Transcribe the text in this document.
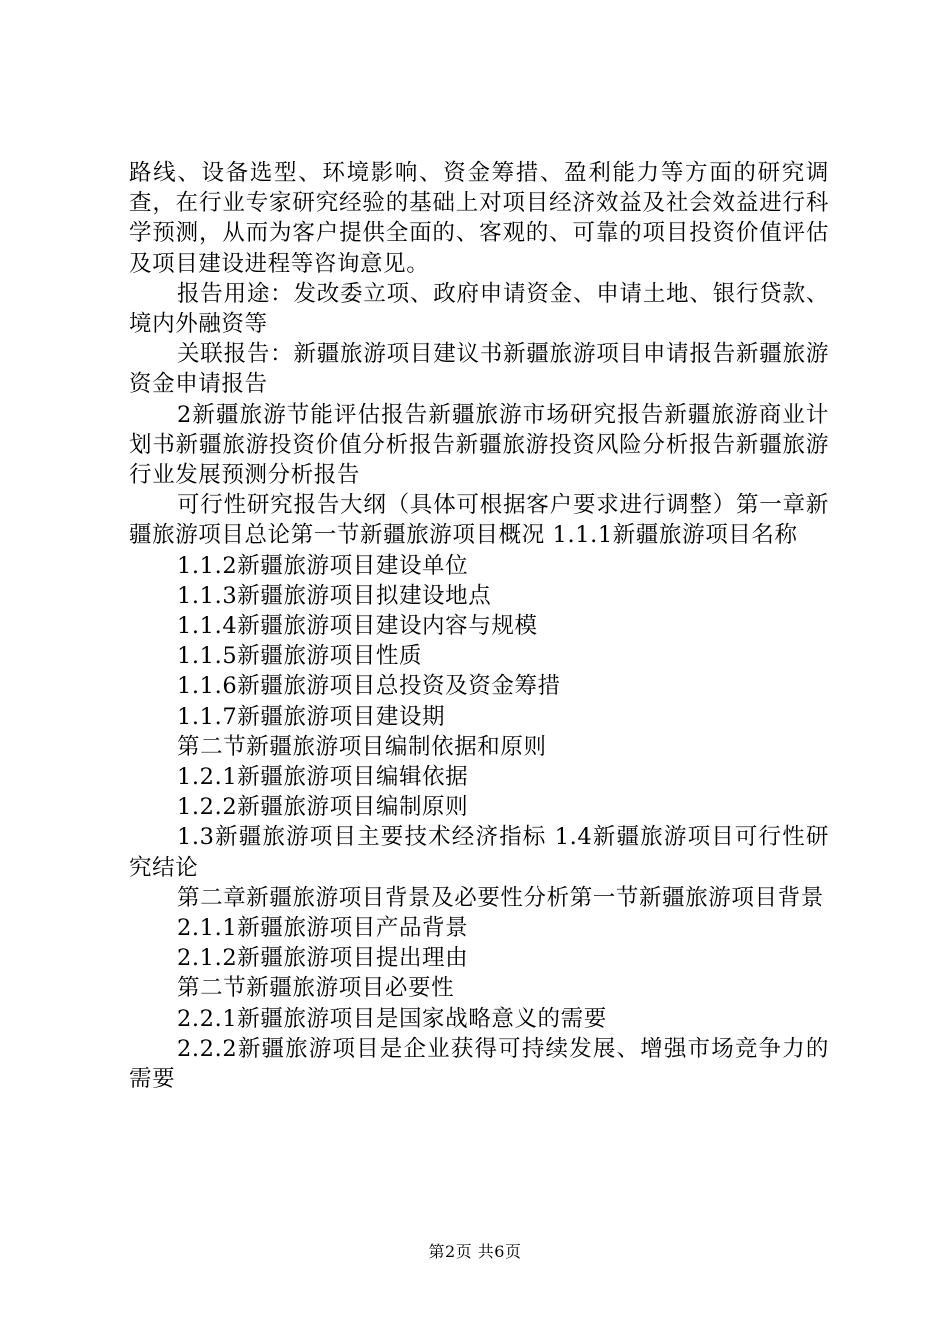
路线、设备选型、环境影响、资金筹措、盈利能力等方面的研究调查，在行业专家研究经验的基础上对项目经济效益及社会效益进行科学预测，从而为客户提供全面的、客观的、可靠的项目投资价值评估及项目建设进程等咨询意见。

报告用途：发改委立项、政府申请资金、申请土地、银行贷款、境内外融资等

关联报告：新疆旅游项目建议书新疆旅游项目申请报告新疆旅游资金申请报告

2新疆旅游节能评估报告新疆旅游市场研究报告新疆旅游商业计划书新疆旅游投资价值分析报告新疆旅游投资风险分析报告新疆旅游行业发展预测分析报告

可行性研究报告大纲（具体可根据客户要求进行调整）第一章新疆旅游项目总论第一节新疆旅游项目概况 1.1.1新疆旅游项目名称

1.1.2新疆旅游项目建设单位

1.1.3新疆旅游项目拟建设地点

1.1.4新疆旅游项目建设内容与规模

1.1.5新疆旅游项目性质

1.1.6新疆旅游项目总投资及资金筹措

1.1.7新疆旅游项目建设期

第二节新疆旅游项目编制依据和原则

1.2.1新疆旅游项目编辑依据

1.2.2新疆旅游项目编制原则

1.3新疆旅游项目主要技术经济指标 1.4新疆旅游项目可行性研究结论

第二章新疆旅游项目背景及必要性分析第一节新疆旅游项目背景

2.1.1新疆旅游项目产品背景

2.1.2新疆旅游项目提出理由

第二节新疆旅游项目必要性

2.2.1新疆旅游项目是国家战略意义的需要

2.2.2新疆旅游项目是企业获得可持续发展、增强市场竞争力的需要

第2页 共6页
